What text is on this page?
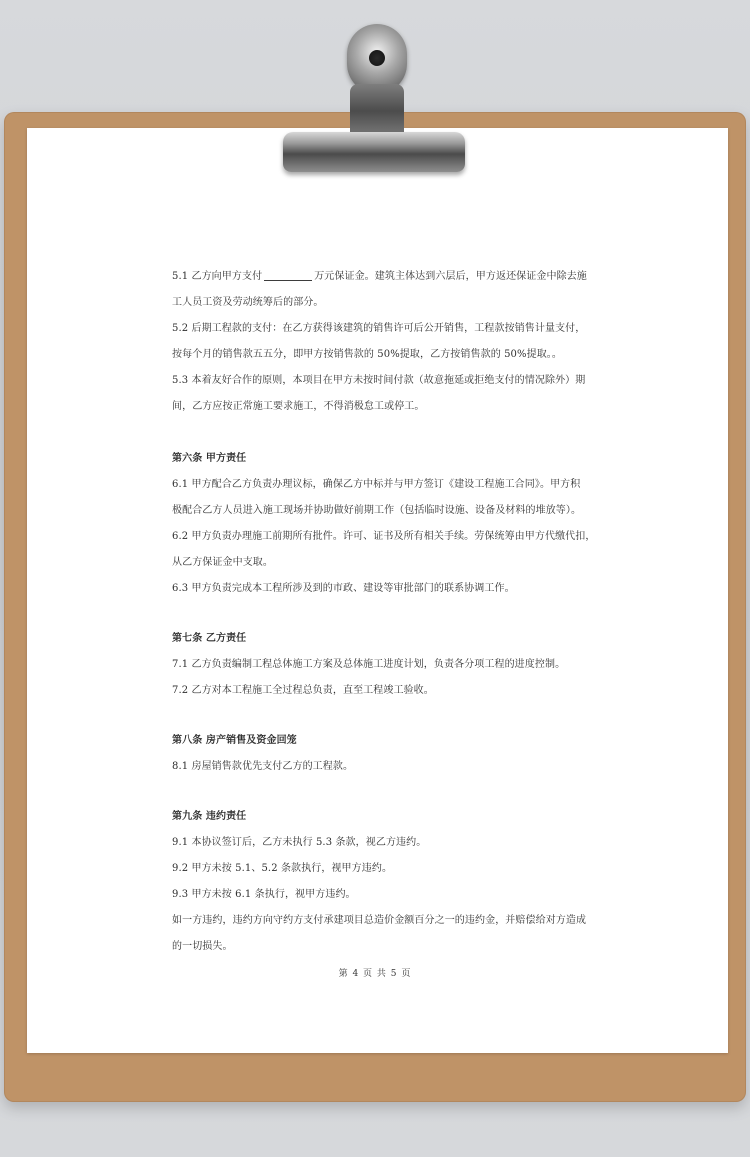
5.1 乙方向甲方支付	万元保证金。建筑主体达到六层后，甲方返还保证金中除去施
工人员工资及劳动统筹后的部分。
5.2 后期工程款的支付：在乙方获得该建筑的销售许可后公开销售，工程款按销售计量支付，
按每个月的销售款五五分，即甲方按销售款的 50%提取，乙方按销售款的 50%提取。。
5.3 本着友好合作的原则，本项目在甲方未按时间付款（故意拖延或拒绝支付的情况除外）期
间，乙方应按正常施工要求施工，不得消极怠工或停工。
第六条 甲方责任
6.1 甲方配合乙方负责办理议标，确保乙方中标并与甲方签订《建设工程施工合同》。甲方积
极配合乙方人员进入施工现场并协助做好前期工作（包括临时设施、设备及材料的堆放等）。
6.2 甲方负责办理施工前期所有批件。许可、证书及所有相关手续。劳保统筹由甲方代缴代扣，
从乙方保证金中支取。
6.3 甲方负责完成本工程所涉及到的市政、建设等审批部门的联系协调工作。
第七条 乙方责任
7.1 乙方负责编制工程总体施工方案及总体施工进度计划，负责各分项工程的进度控制。
7.2 乙方对本工程施工全过程总负责，直至工程竣工验收。
第八条 房产销售及资金回笼
8.1 房屋销售款优先支付乙方的工程款。
第九条 违约责任
9.1 本协议签订后，乙方未执行 5.3 条款，视乙方违约。
9.2 甲方未按 5.1、5.2 条款执行，视甲方违约。
9.3 甲方未按 6.1 条执行，视甲方违约。
如一方违约，违约方向守约方支付承建项目总造价金额百分之一的违约金，并赔偿给对方造成
的一切损失。
第 4 页 共 5 页
